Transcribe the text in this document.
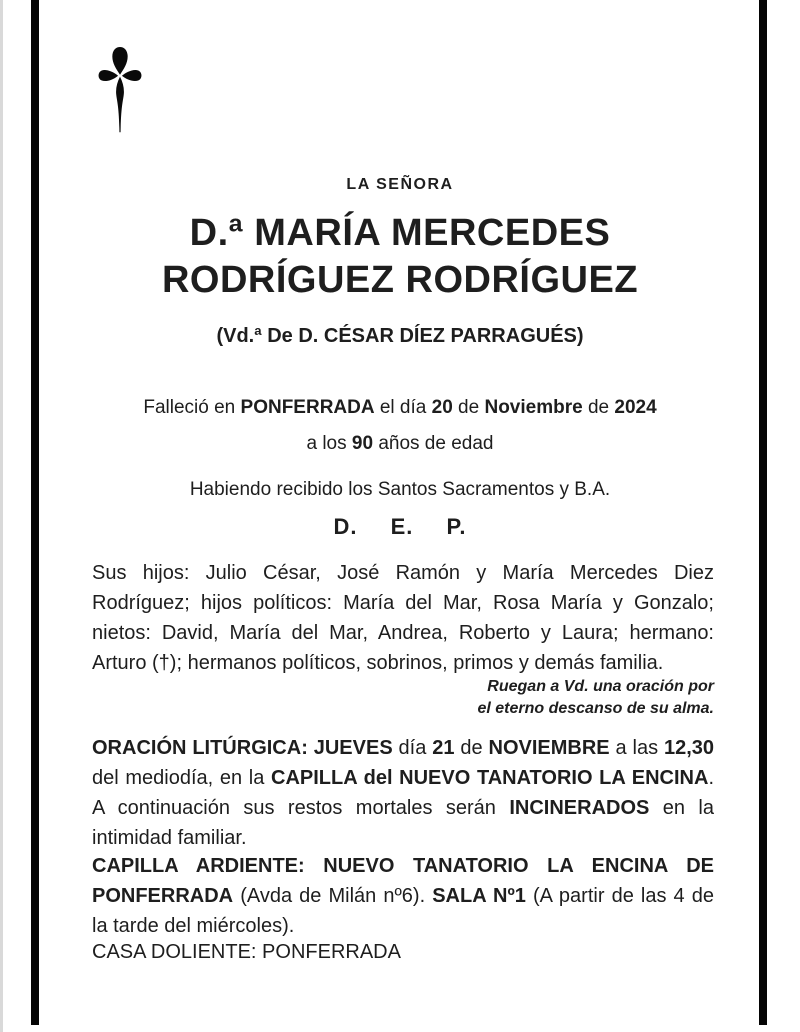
LA SEÑORA
D.ª MARÍA MERCEDES
RODRÍGUEZ RODRÍGUEZ
(Vd.ª De D. CÉSAR DÍEZ PARRAGUÉS)
Falleció en PONFERRADA el día 20 de Noviembre de 2024
a los 90 años de edad
Habiendo recibido los Santos Sacramentos y B.A.
D. E. P.
Sus hijos: Julio César, José Ramón y María Mercedes Diez Rodríguez; hijos políticos: María del Mar, Rosa María y Gonzalo; nietos: David, María del Mar, Andrea, Roberto y Laura; hermano: Arturo (†); hermanos políticos, sobrinos, primos y demás familia.
Ruegan a Vd. una oración por
el eterno descanso de su alma.
ORACIÓN LITÚRGICA: JUEVES día 21 de NOVIEMBRE a las 12,30 del mediodía, en la CAPILLA del NUEVO TANATORIO LA ENCINA. A continuación sus restos mortales serán INCINERADOS en la intimidad familiar.
CAPILLA ARDIENTE: NUEVO TANATORIO LA ENCINA DE PONFERRADA (Avda de Milán nº6). SALA Nº1 (A partir de las 4 de la tarde del miércoles).
CASA DOLIENTE: PONFERRADA
